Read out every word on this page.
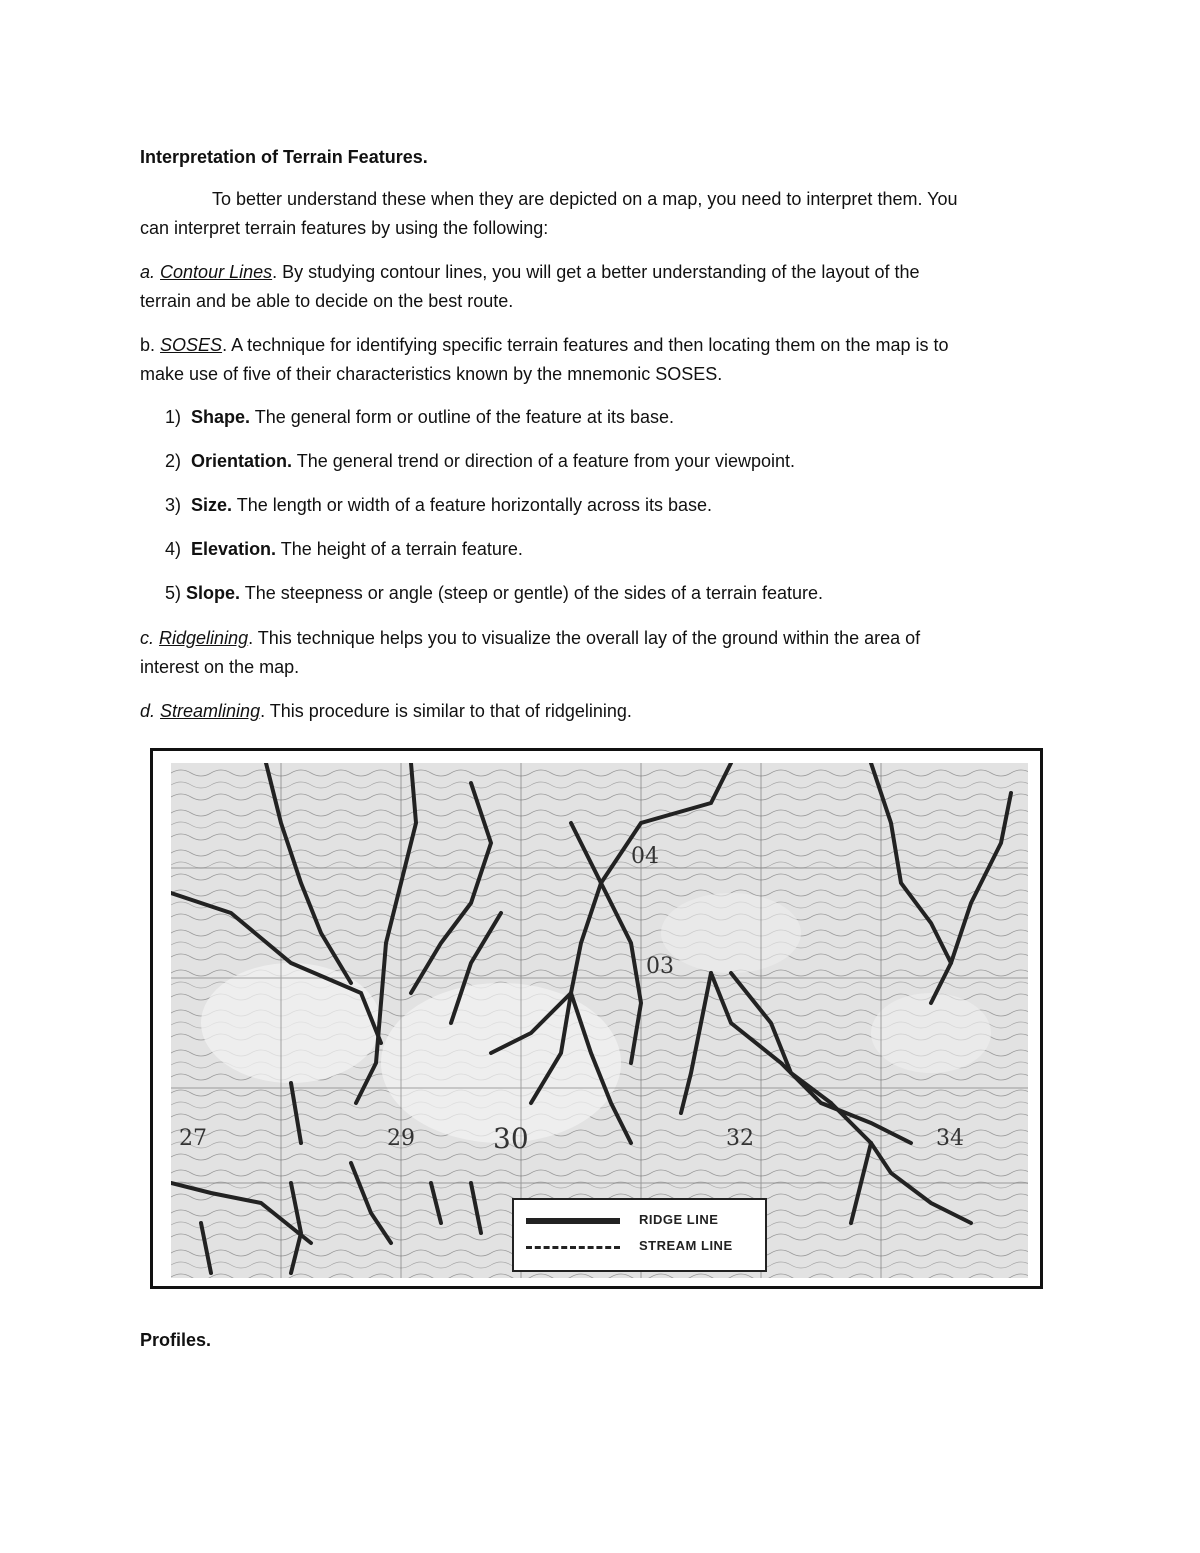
Interpretation of Terrain Features.
To better understand these when they are depicted on a map, you need to interpret them. You
can interpret terrain features by using the following:
a. Contour Lines. By studying contour lines, you will get a better understanding of the layout of the
terrain and be able to decide on the best route.
b. SOSES. A technique for identifying specific terrain features and then locating them on the map is to
make use of five of their characteristics known by the mnemonic SOSES.
1) Shape. The general form or outline of the feature at its base.
2) Orientation. The general trend or direction of a feature from your viewpoint.
3) Size. The length or width of a feature horizontally across its base.
4) Elevation. The height of a terrain feature.
5) Slope. The steepness or angle (steep or gentle) of the sides of a terrain feature.
c. Ridgelining. This technique helps you to visualize the overall lay of the ground within the area of
interest on the map.
d. Streamlining. This procedure is similar to that of ridgelining.
27	29	30	32	34
03
04
RIDGE LINE
STREAM LINE
Profiles.
